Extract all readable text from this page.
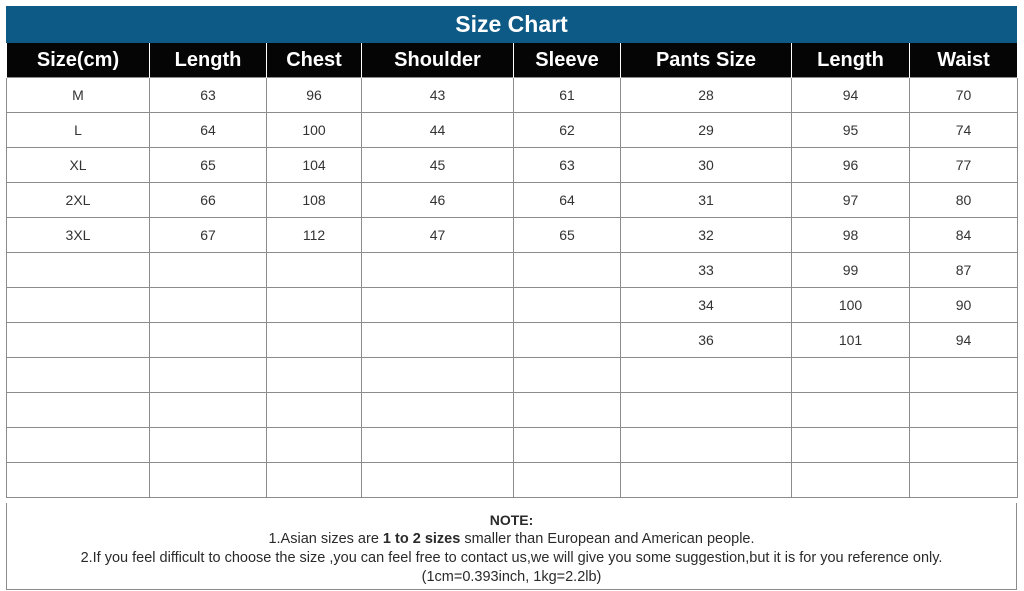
Size Chart
Size(cm)	Length	Chest	Shoulder	Sleeve	Pants Size	Length	Waist
M	63	96	43	61	28	94	70
L	64	100	44	62	29	95	74
XL	65	104	45	63	30	96	77
2XL	66	108	46	64	31	97	80
3XL	67	112	47	65	32	98	84
					33	99	87
					34	100	90
					36	101	94

NOTE:
1.Asian sizes are 1 to 2 sizes smaller than European and American people.
2.If you feel difficult to choose the size ,you can feel free to contact us,we will give you some suggestion,but it is for you reference only.
(1cm=0.393inch, 1kg=2.2lb)
